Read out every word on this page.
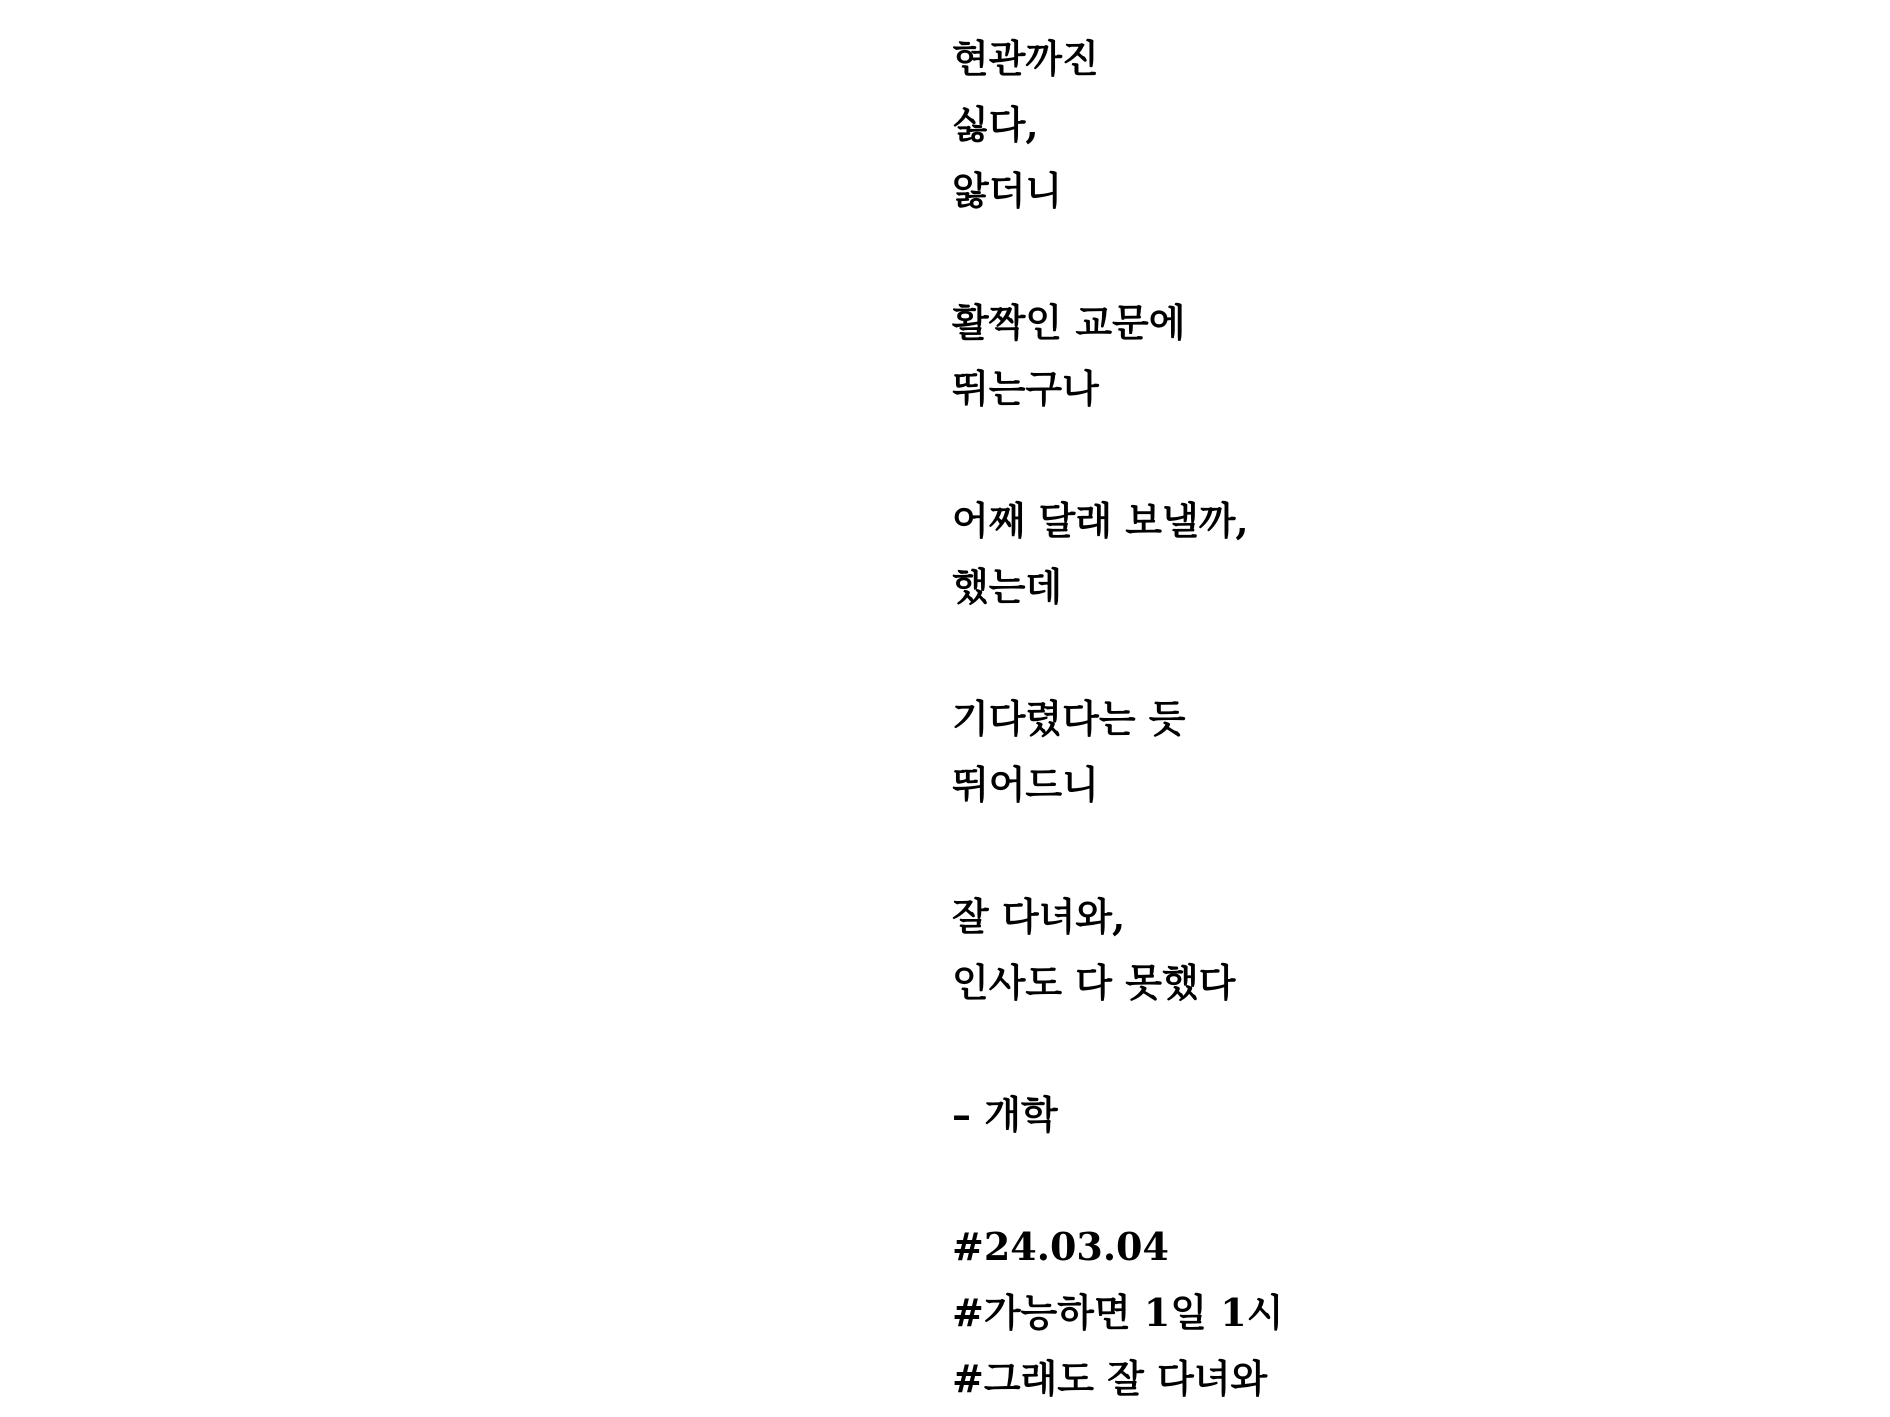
현관까진
싫다,
앓더니
활짝인 교문에
뛰는구나
어째 달래 보낼까,
했는데
기다렸다는 듯
뛰어드니
잘 다녀와,
인사도 다 못했다
– 개학
#24.03.04
#가능하면 1일 1시
#그래도 잘 다녀와
